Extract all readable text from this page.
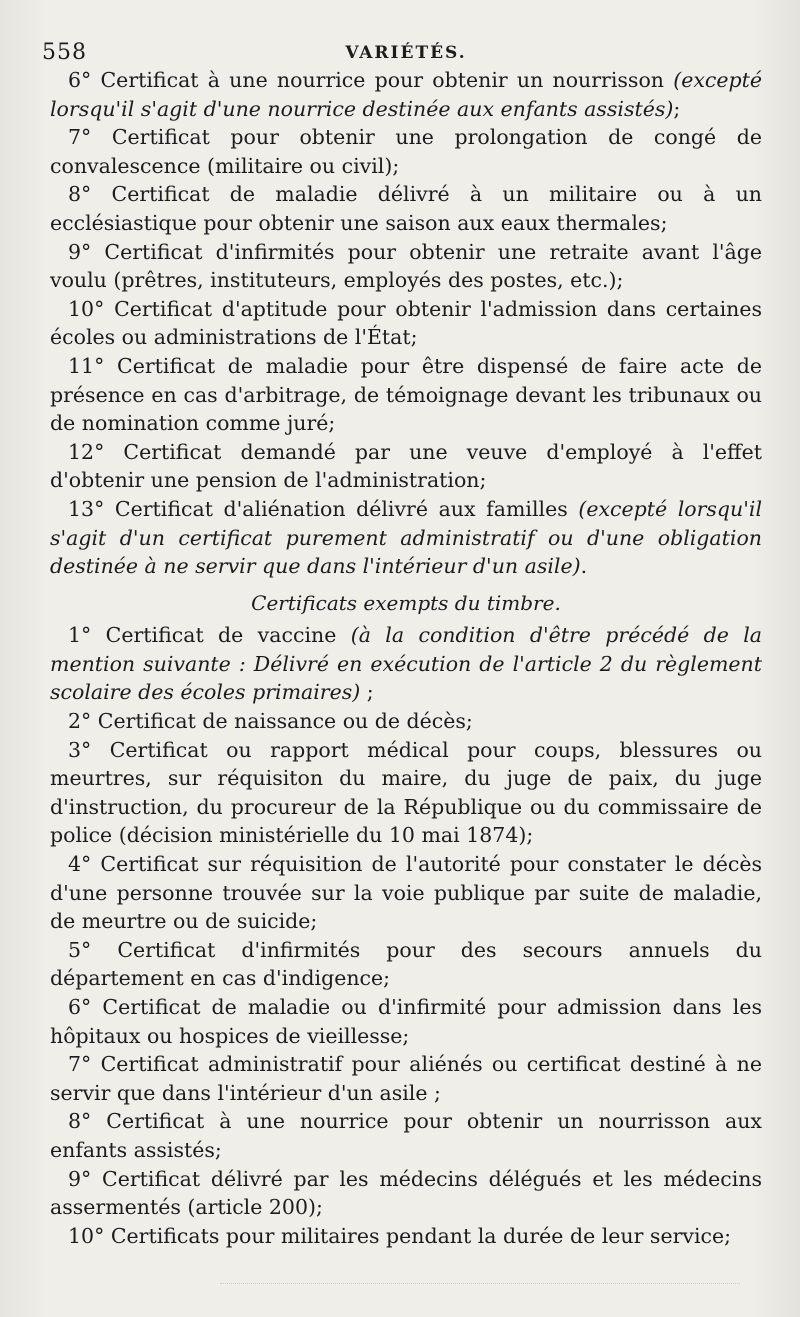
558	VARIÉTÉS.

6° Certificat à une nourrice pour obtenir un nourrisson (excepté lorsqu'il s'agit d'une nourrice destinée aux enfants assistés);

7° Certificat pour obtenir une prolongation de congé de convalescence (militaire ou civil);

8° Certificat de maladie délivré à un militaire ou à un ecclésiastique pour obtenir une saison aux eaux thermales;

9° Certificat d'infirmités pour obtenir une retraite avant l'âge voulu (prêtres, instituteurs, employés des postes, etc.);

10° Certificat d'aptitude pour obtenir l'admission dans certaines écoles ou administrations de l'État;

11° Certificat de maladie pour être dispensé de faire acte de présence en cas d'arbitrage, de témoignage devant les tribunaux ou de nomination comme juré;

12° Certificat demandé par une veuve d'employé à l'effet d'obtenir une pension de l'administration;

13° Certificat d'aliénation délivré aux familles (excepté lorsqu'il s'agit d'un certificat purement administratif ou d'une obligation destinée à ne servir que dans l'intérieur d'un asile).

Certificats exempts du timbre.

1° Certificat de vaccine (à la condition d'être précédé de la mention suivante : Délivré en exécution de l'article 2 du règlement scolaire des écoles primaires) ;

2° Certificat de naissance ou de décès;

3° Certificat ou rapport médical pour coups, blessures ou meurtres, sur réquisiton du maire, du juge de paix, du juge d'instruction, du procureur de la République ou du commissaire de police (décision ministérielle du 10 mai 1874);

4° Certificat sur réquisition de l'autorité pour constater le décès d'une personne trouvée sur la voie publique par suite de maladie, de meurtre ou de suicide;

5° Certificat d'infirmités pour des secours annuels du département en cas d'indigence;

6° Certificat de maladie ou d'infirmité pour admission dans les hôpitaux ou hospices de vieillesse;

7° Certificat administratif pour aliénés ou certificat destiné à ne servir que dans l'intérieur d'un asile ;

8° Certificat à une nourrice pour obtenir un nourrisson aux enfants assistés;

9° Certificat délivré par les médecins délégués et les médecins assermentés (article 200);

10° Certificats pour militaires pendant la durée de leur service;
